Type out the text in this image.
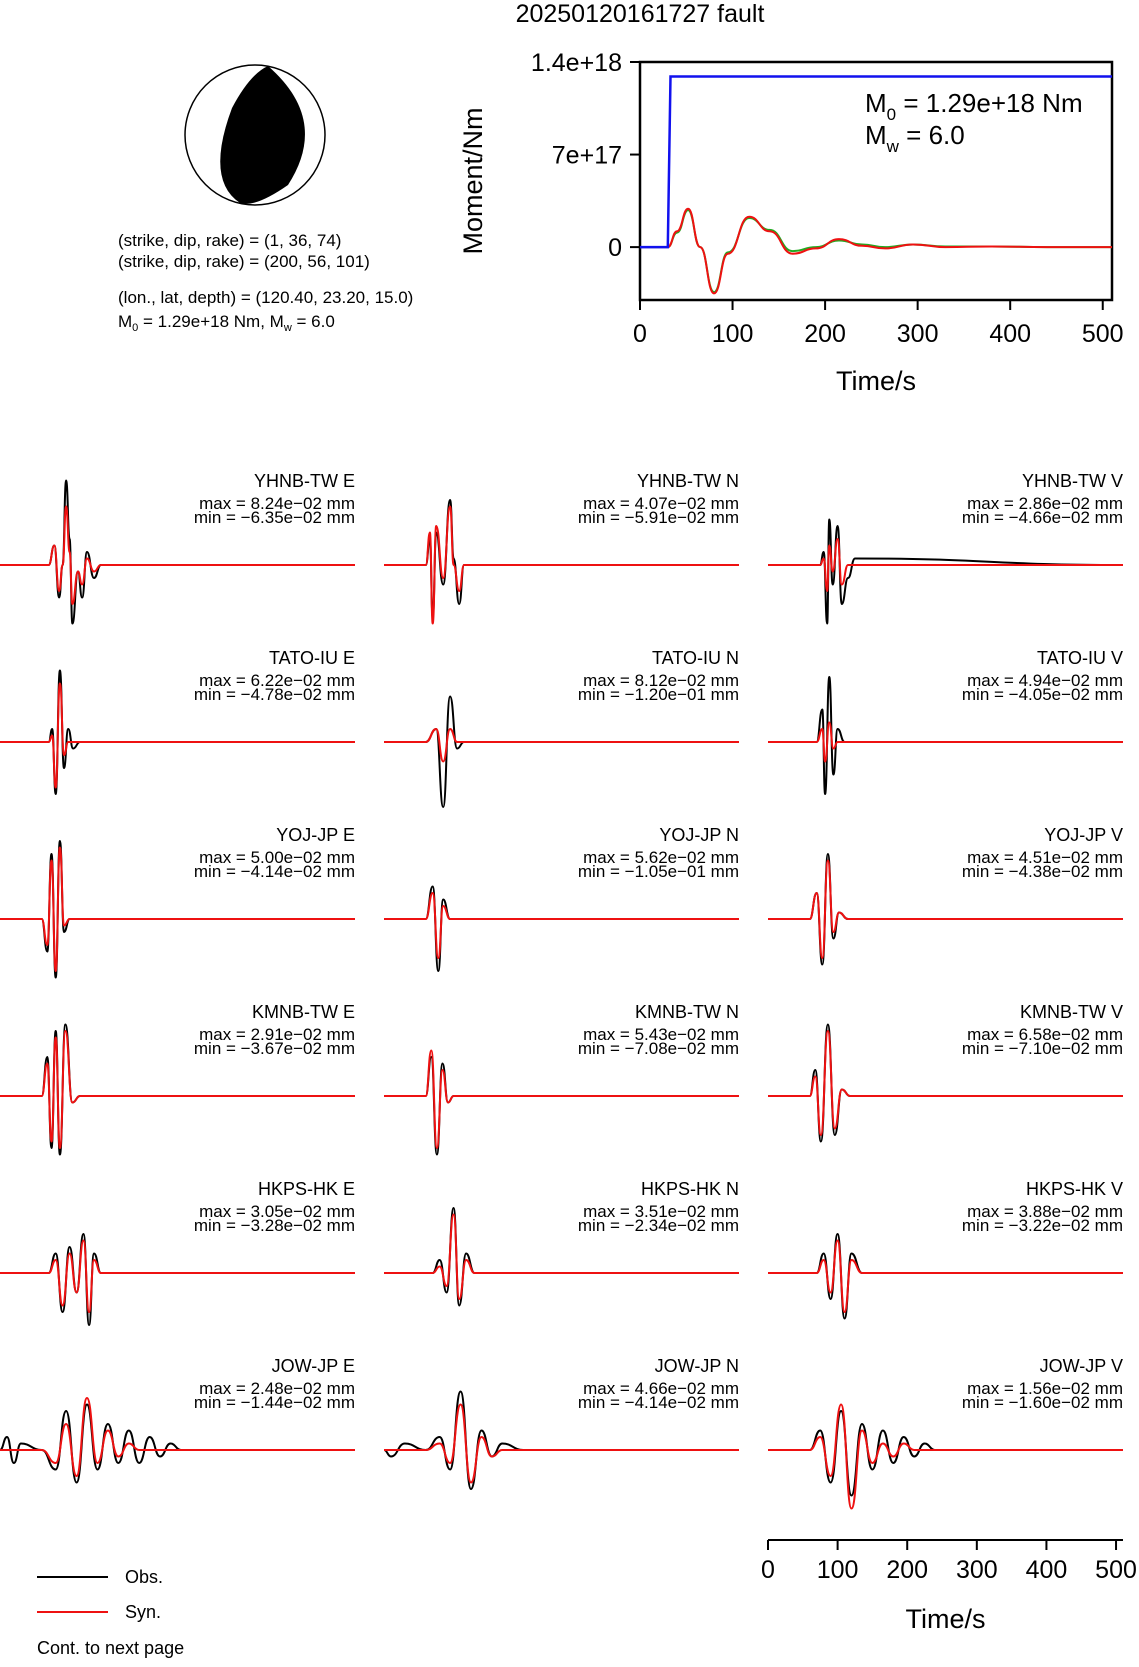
20250120161727 fault
(strike, dip, rake) = (1, 36, 74)
(strike, dip, rake) = (200, 56, 101)
(lon., lat, depth) = (120.40, 23.20, 15.0)
$M_0 = 1.29e+18$ Nm, $M_w = 6.0$	0	100 200 300 400 500
0
7e+17
1.4e+18
Time/s
Moment/Nm
$M_0 = 1.29e+18$ Nm
$M_w = 6.0$
YHNB-TW E
max = 8.24e−02 mm
min = −6.35e−02 mm
YHNB-TW N
max = 4.07e−02 mm
min = −5.91e−02 mm
YHNB-TW V
max = 2.86e−02 mm
min = −4.66e−02 mm
TATO-IU E
max = 6.22e−02 mm
min = −4.78e−02 mm
TATO-IU N
max = 8.12e−02 mm
min = −1.20e−01 mm
TATO-IU V
max = 4.94e−02 mm
min = −4.05e−02 mm
YOJ-JP E
max = 5.00e−02 mm
min = −4.14e−02 mm
YOJ-JP N
max = 5.62e−02 mm
min = −1.05e−01 mm
YOJ-JP V
max = 4.51e−02 mm
min = −4.38e−02 mm
KMNB-TW E
max = 2.91e−02 mm
min = −3.67e−02 mm
KMNB-TW N
max = 5.43e−02 mm
min = −7.08e−02 mm
KMNB-TW V
max = 6.58e−02 mm
min = −7.10e−02 mm
HKPS-HK E
max = 3.05e−02 mm
min = −3.28e−02 mm
HKPS-HK N
max = 3.51e−02 mm
min = −2.34e−02 mm
HKPS-HK V
max = 3.88e−02 mm
min = −3.22e−02 mm
JOW-JP E
max = 2.48e−02 mm
min = −1.44e−02 mm
JOW-JP N
max = 4.66e−02 mm
min = −4.14e−02 mm
JOW-JP V
max = 1.56e−02 mm
min = −1.60e−02 mm
0 100 200 300 400 500
Time/s
Obs.
Syn.
Cont. to next page
